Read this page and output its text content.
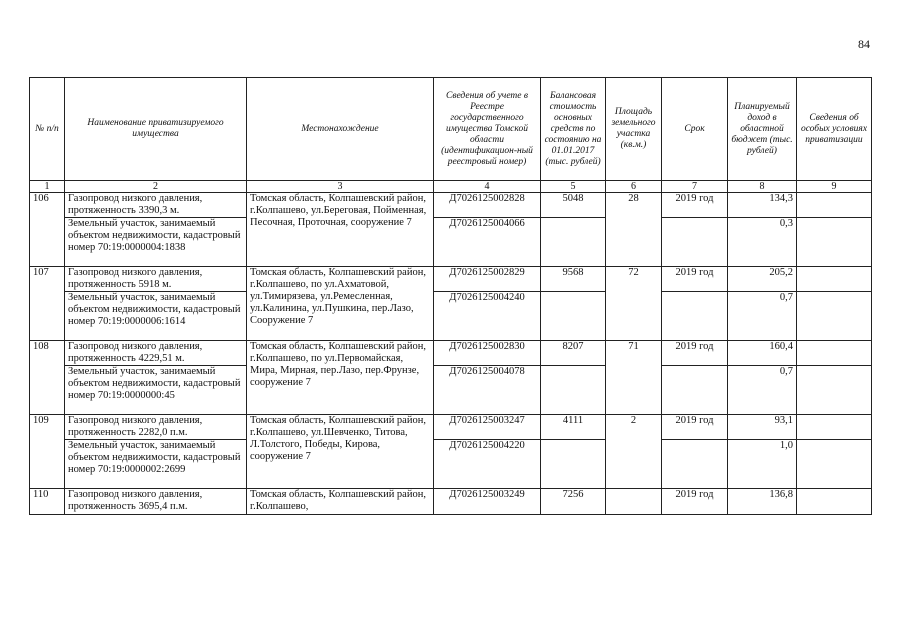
84
№ п/п	Наименование приватизируемого имущества	Местонахождение	Сведения об учете в Реестре государственного имущества Томской области (идентификацион-ный реестровый номер)	Балансовая стоимость основных средств по состоянию на 01.01.2017 (тыс. рублей)	Площадь земельного участка (кв.м.)	Срок	Планируемый доход в областной бюджет (тыс. рублей)	Сведения об особых условиях приватизации
1	2	3	4	5	6	7	8	9
106	Газопровод низкого давления, протяженность 3390,3 м.	Томская область, Колпашевский район, г.Колпашево, ул.Береговая, Пойменная, Песочная, Проточная, сооружение 7	Д7026125002828	5048	28	2019 год	134,3	
	Земельный участок, занимаемый объектом недвижимости, кадастровый номер 70:19:0000004:1838		Д7026125004066				0,3	
107	Газопровод низкого давления, протяженность 5918 м.	Томская область, Колпашевский район, г.Колпашево, по ул.Ахматовой, ул.Тимирязева, ул.Ремесленная, ул.Калинина, ул.Пушкина, пер.Лазо, Сооружение 7	Д7026125002829	9568	72	2019 год	205,2	
	Земельный участок, занимаемый объектом недвижимости, кадастровый номер 70:19:0000006:1614		Д7026125004240				0,7	
108	Газопровод низкого давления, протяженность 4229,51 м.	Томская область, Колпашевский район, г.Колпашево, по ул.Первомайская, Мира, Мирная, пер.Лазо, пер.Фрунзе, сооружение 7	Д7026125002830	8207	71	2019 год	160,4	
	Земельный участок, занимаемый объектом недвижимости, кадастровый номер 70:19:0000000:45		Д7026125004078				0,7	
109	Газопровод низкого давления, протяженность 2282,0 п.м.	Томская область, Колпашевский район, г.Колпашево, ул.Шевченко, Титова, Л.Толстого, Победы, Кирова, сооружение 7	Д7026125003247	4111	2	2019 год	93,1	
	Земельный участок, занимаемый объектом недвижимости, кадастровый номер 70:19:0000002:2699		Д7026125004220				1,0	
110	Газопровод низкого давления, протяженность 3695,4 п.м.	Томская область, Колпашевский район, г.Колпашево,	Д7026125003249	7256		2019 год	136,8	
